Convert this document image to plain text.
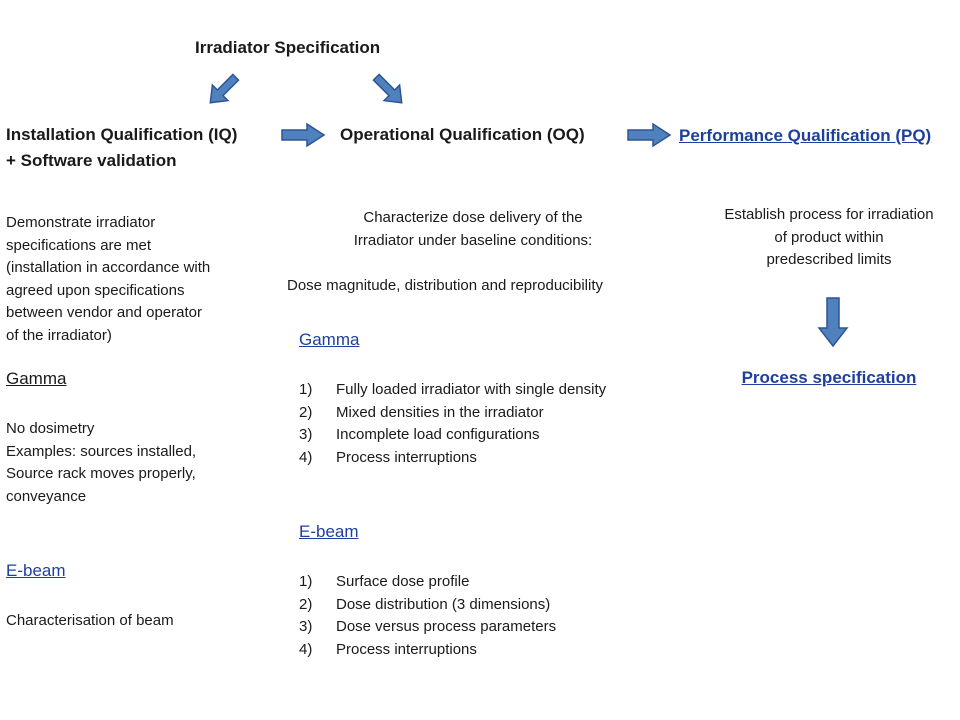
Irradiator Specification
Installation Qualification (IQ)
+ Software validation
Demonstrate irradiator
specifications are met
(installation in accordance with
agreed upon specifications
between vendor and operator
of the irradiator)
Gamma
No dosimetry
Examples: sources installed,
Source rack moves properly,
conveyance
E-beam
Characterisation of beam
Operational Qualification (OQ)
Characterize dose delivery of the
Irradiator under baseline conditions:
Dose magnitude, distribution and reproducibility
Gamma
1) Fully loaded irradiator with single density
2) Mixed densities in the irradiator
3) Incomplete load configurations
4) Process interruptions
E-beam
1) Surface dose profile
2) Dose distribution (3 dimensions)
3) Dose versus process parameters
4) Process interruptions
Performance Qualification (PQ)
Establish process for irradiation
of product within
predescribed limits
Process specification
